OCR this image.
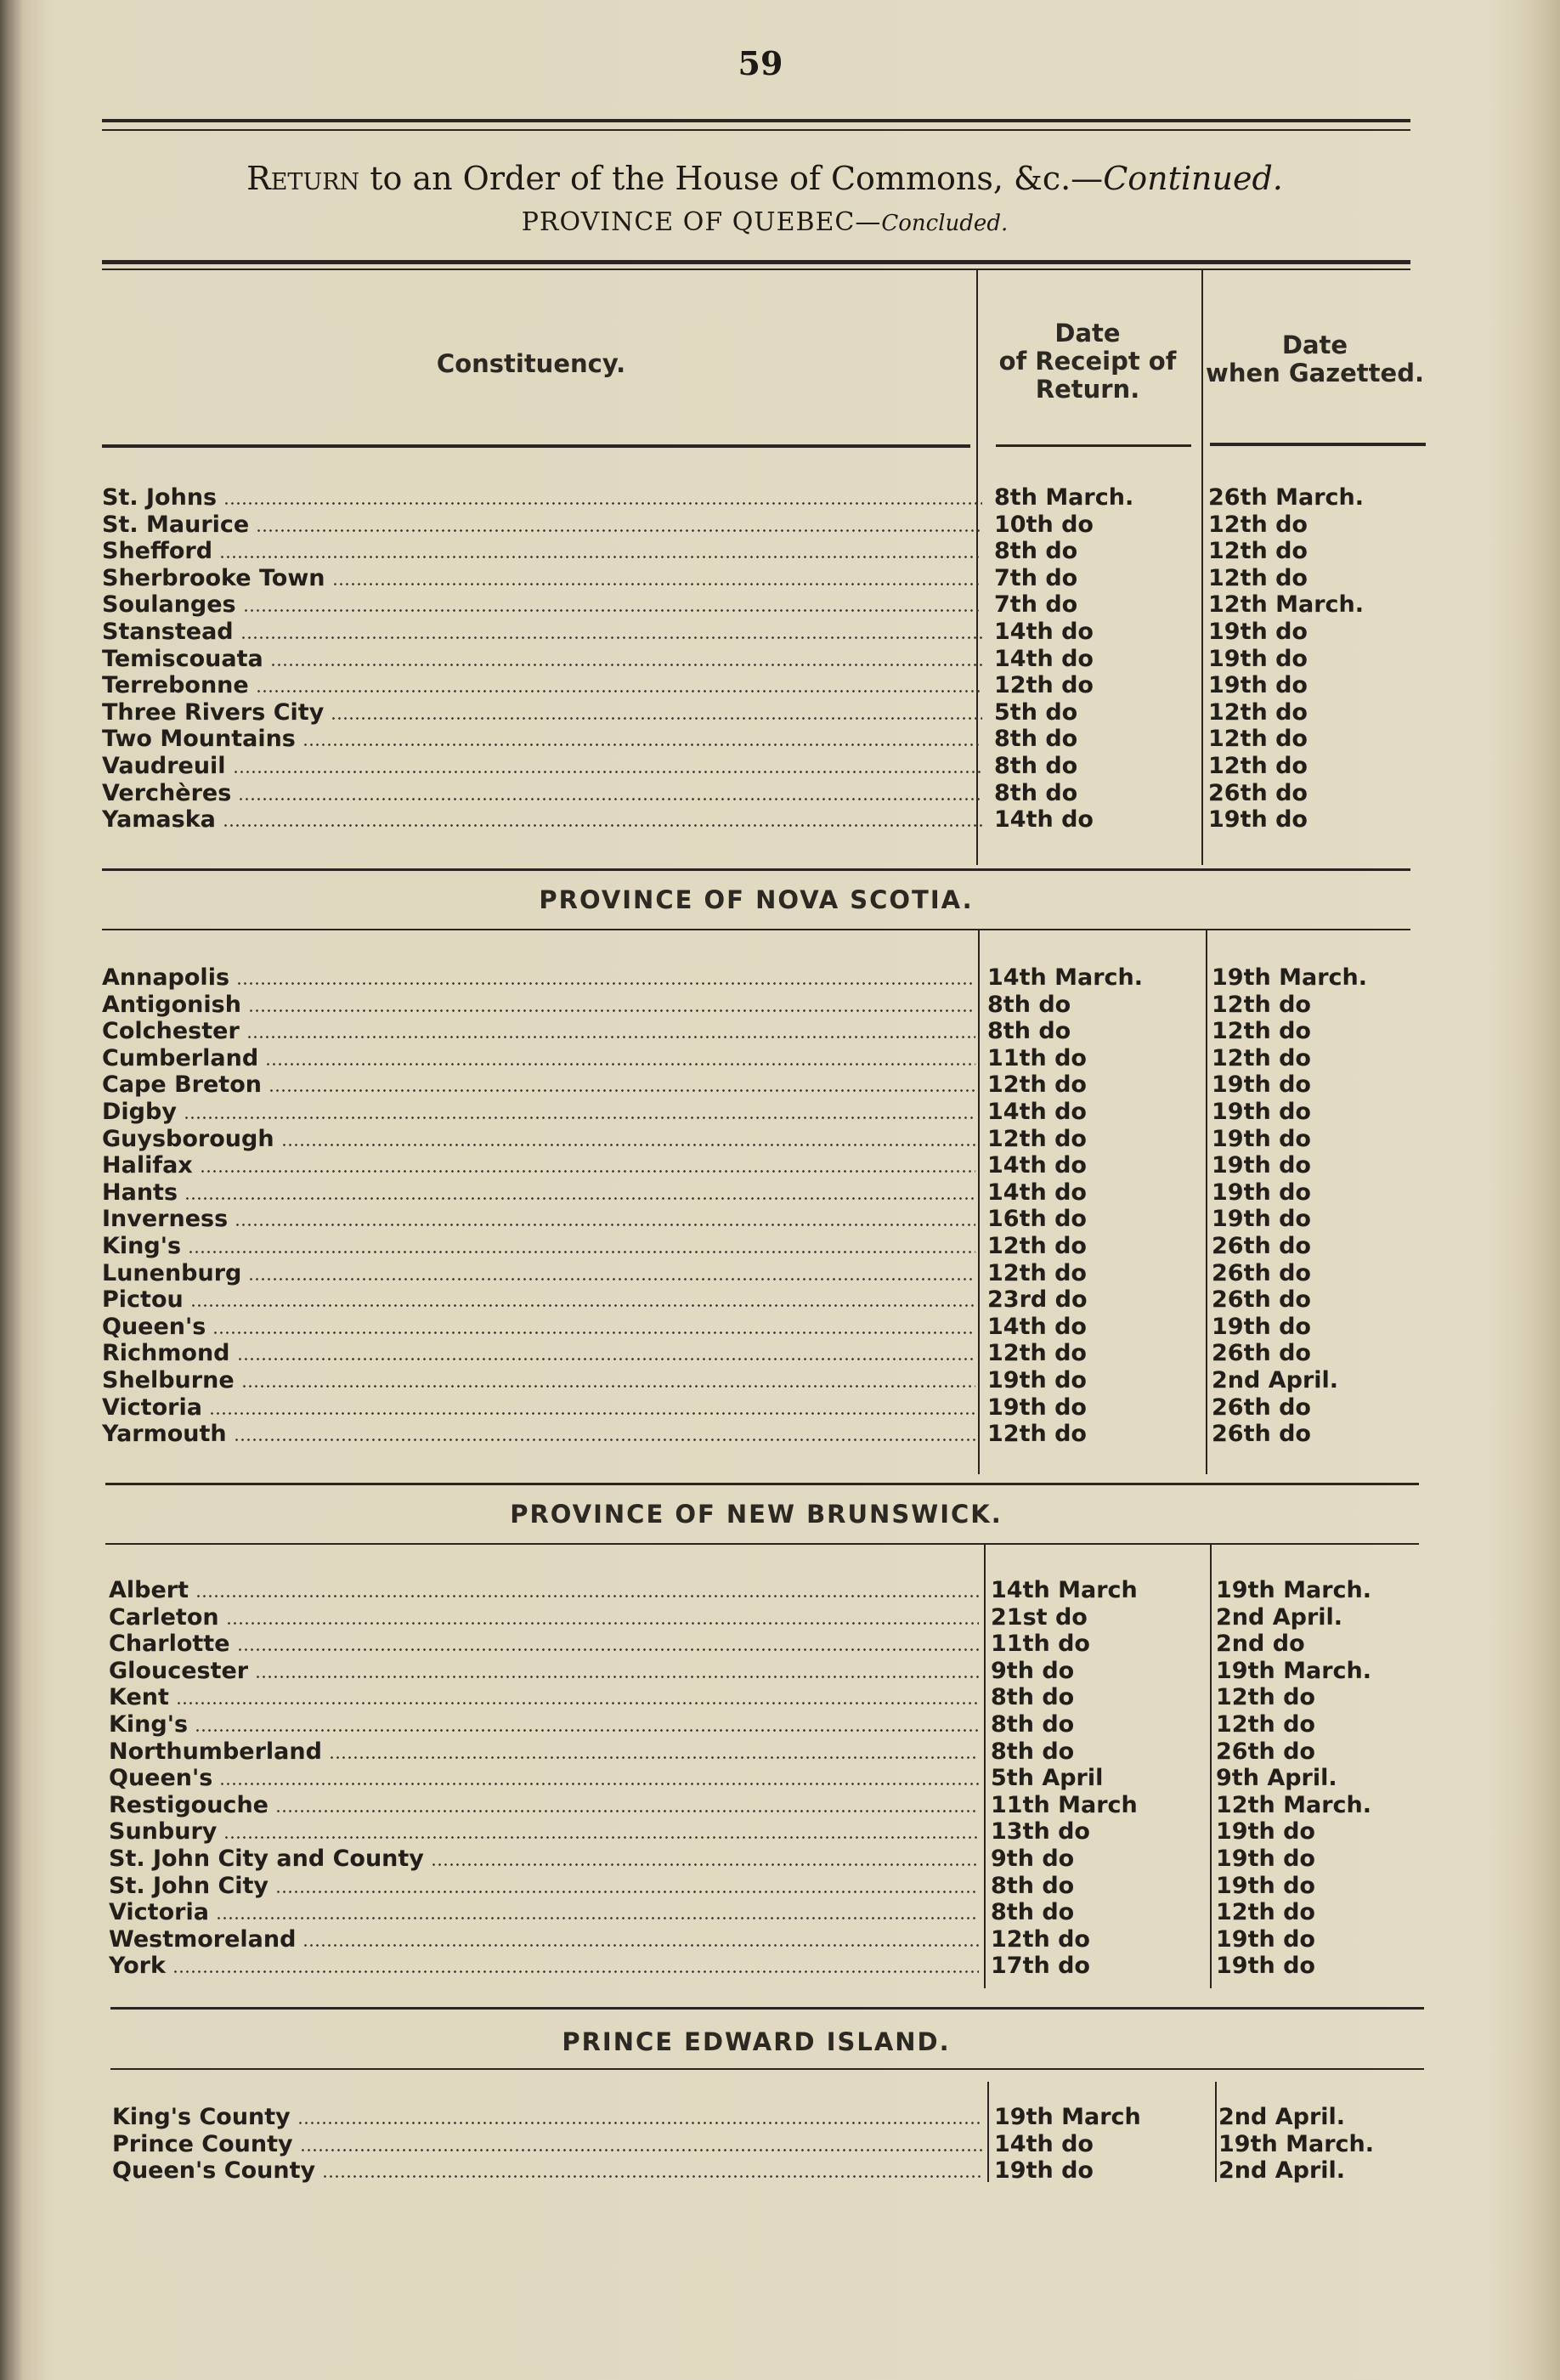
59
Return to an Order of the House of Commons, &c.—Continued.
PROVINCE OF QUEBEC—Concluded.
Constituency.
Date
of Receipt of
Return.
Date
when Gazetted.
St. Johns	8th March.	26th March.
St. Maurice	10th do	12th do
Shefford	8th do	12th do
Sherbrooke Town	7th do	12th do
Soulanges	7th do	12th March.
Stanstead	14th do	19th do
Temiscouata	14th do	19th do
Terrebonne	12th do	19th do
Three Rivers City	5th do	12th do
Two Mountains	8th do	12th do
Vaudreuil	8th do	12th do
Verchères	8th do	26th do
Yamaska	14th do	19th do
PROVINCE OF NOVA SCOTIA.
Annapolis	14th March.	19th March.
Antigonish	8th do	12th do
Colchester	8th do	12th do
Cumberland	11th do	12th do
Cape Breton	12th do	19th do
Digby	14th do	19th do
Guysborough	12th do	19th do
Halifax	14th do	19th do
Hants	14th do	19th do
Inverness	16th do	19th do
King's	12th do	26th do
Lunenburg	12th do	26th do
Pictou	23rd do	26th do
Queen's	14th do	19th do
Richmond	12th do	26th do
Shelburne	19th do	2nd April.
Victoria	19th do	26th do
Yarmouth	12th do	26th do
PROVINCE OF NEW BRUNSWICK.
Albert	14th March	19th March.
Carleton	21st do	2nd April.
Charlotte	11th do	2nd do
Gloucester	9th do	19th March.
Kent	8th do	12th do
King's	8th do	12th do
Northumberland	8th do	26th do
Queen's	5th April	9th April.
Restigouche	11th March	12th March.
Sunbury	13th do	19th do
St. John City and County	9th do	19th do
St. John City	8th do	19th do
Victoria	8th do	12th do
Westmoreland	12th do	19th do
York	17th do	19th do
PRINCE EDWARD ISLAND.
King's County	19th March	2nd April.
Prince County	14th do	19th March.
Queen's County	19th do	2nd April.
